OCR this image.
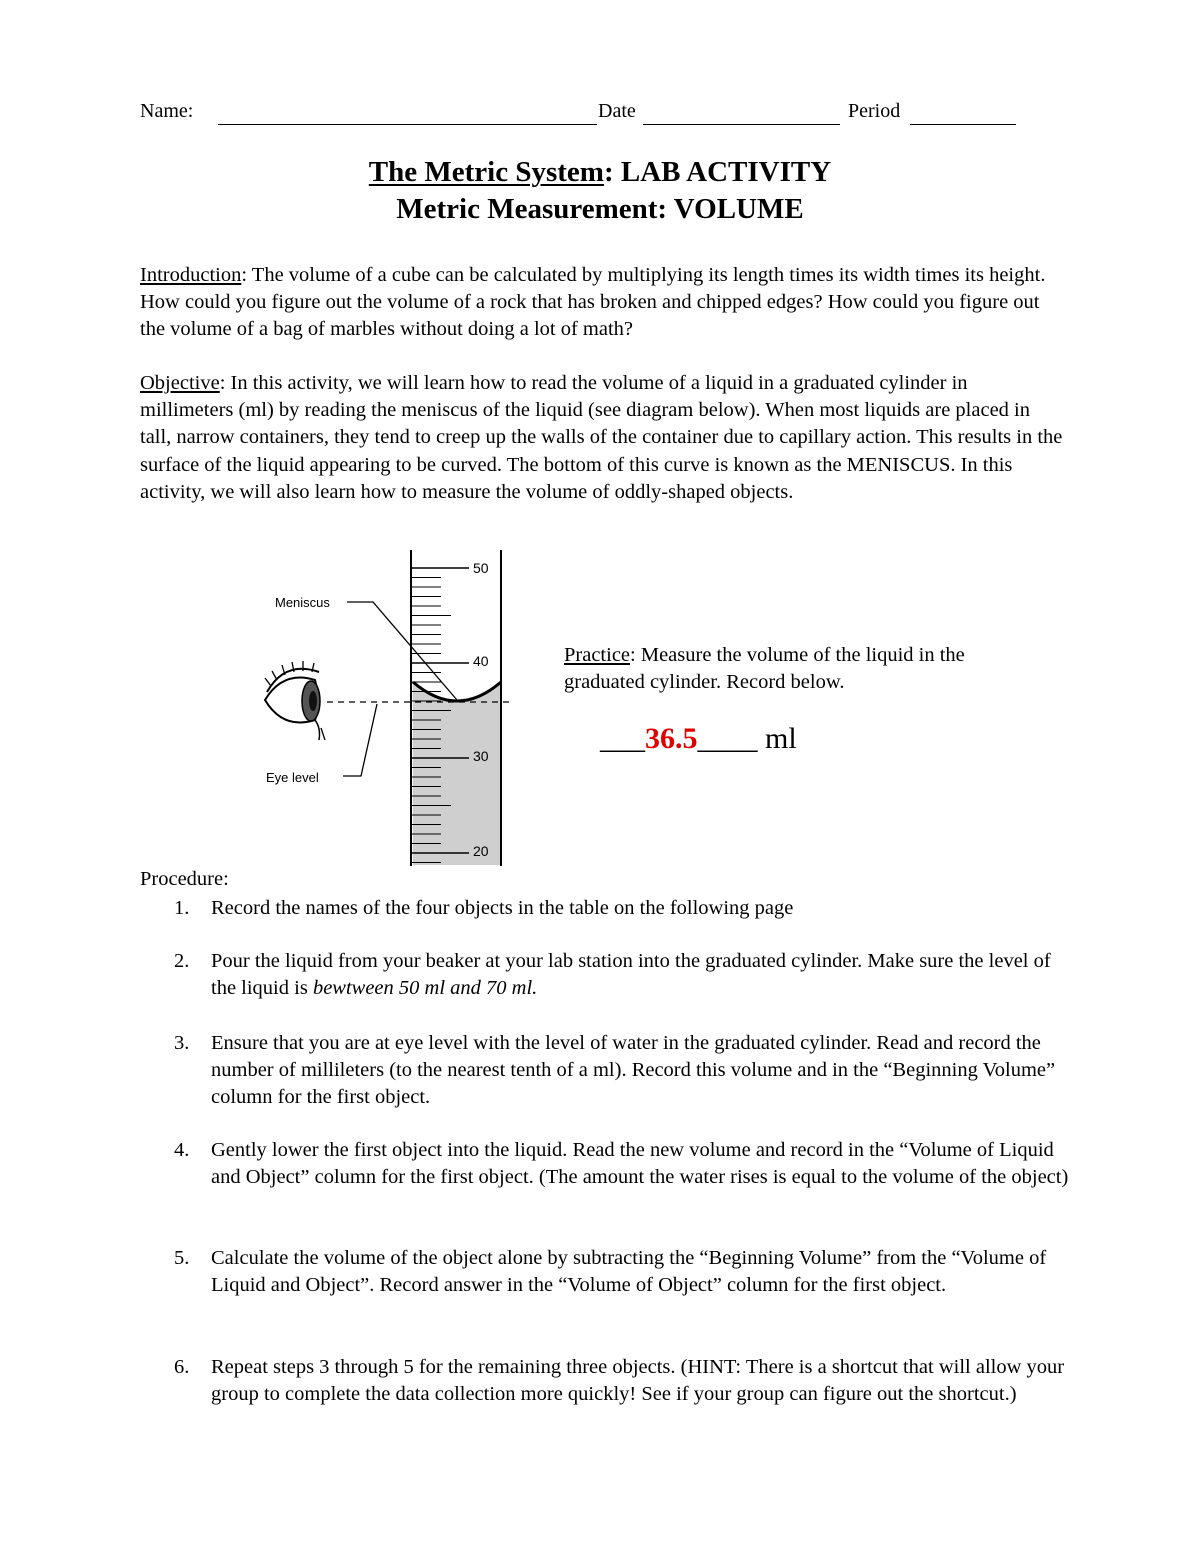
Name:	Date	Period
The Metric System: LAB ACTIVITY
Metric Measurement: VOLUME
Introduction: The volume of a cube can be calculated by multiplying its length times its width times its height. How could you figure out the volume of a rock that has broken and chipped edges? How could you figure out the volume of a bag of marbles without doing a lot of math?
Objective: In this activity, we will learn how to read the volume of a liquid in a graduated cylinder in millimeters (ml) by reading the meniscus of the liquid (see diagram below). When most liquids are placed in tall, narrow containers, they tend to creep up the walls of the container due to capillary action. This results in the surface of the liquid appearing to be curved. The bottom of this curve is known as the MENISCUS. In this activity, we will also learn how to measure the volume of oddly-shaped objects.
50
40
30
20
Meniscus
Eye level
Practice: Measure the volume of the liquid in the graduated cylinder. Record below.
___36.5____ ml
Procedure:
1. Record the names of the four objects in the table on the following page
2. Pour the liquid from your beaker at your lab station into the graduated cylinder. Make sure the level of the liquid is bewtween 50 ml and 70 ml.
3. Ensure that you are at eye level with the level of water in the graduated cylinder. Read and record the number of millileters (to the nearest tenth of a ml). Record this volume and in the “Beginning Volume” column for the first object.
4. Gently lower the first object into the liquid. Read the new volume and record in the “Volume of Liquid and Object” column for the first object. (The amount the water rises is equal to the volume of the object)
5. Calculate the volume of the object alone by subtracting the “Beginning Volume” from the “Volume of Liquid and Object”. Record answer in the “Volume of Object” column for the first object.
6. Repeat steps 3 through 5 for the remaining three objects. (HINT: There is a shortcut that will allow your group to complete the data collection more quickly! See if your group can figure out the shortcut.)
